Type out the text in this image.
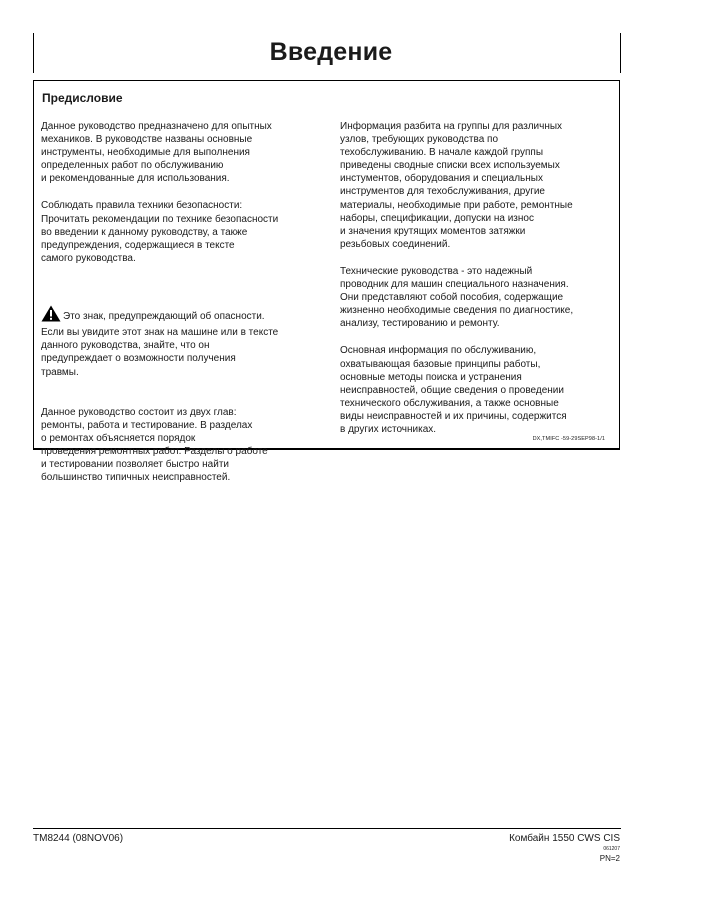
Введение
Предисловие

Данное руководство предназначено для опытных
механиков. В руководстве названы основные
инструменты, необходимые для выполнения
определенных работ по обслуживанию
и рекомендованные для использования.

Соблюдать правила техники безопасности:
Прочитать рекомендации по технике безопасности
во введении к данному руководству, а также
предупреждения, содержащиеся в тексте
самого руководства.

Это знак, предупреждающий об опасности.

Если вы увидите этот знак на машине или в тексте
данного руководства, знайте, что он
предупреждает о возможности получения
травмы.

Данное руководство состоит из двух глав:
ремонты, работа и тестирование. В разделах
о ремонтах объясняется порядок
проведения ремонтных работ. Разделы о работе
и тестировании позволяет быстро найти
большинство типичных неисправностей.

Информация разбита на группы для различных
узлов, требующих руководства по
техобслуживанию. В начале каждой группы
приведены сводные списки всех используемых
инстументов, оборудования и специальных
инструментов для техобслуживания, другие
материалы, необходимые при работе, ремонтные
наборы, спецификации, допуски на износ
и значения крутящих моментов затяжки
резьбовых соединений.

Технические руководства - это надежный
проводник для машин специального назначения.
Они представляют собой пособия, содержащие
жизненно необходимые сведения по диагностике,
анализу, тестированию и ремонту.

Основная информация по обслуживанию,
охватывающая базовые принципы работы,
основные методы поиска и устранения
неисправностей, общие сведения о проведении
технического обслуживания, а также основные
виды неисправностей и их причины, содержится
в других источниках.

DX,TMIFC -59-29SEP98-1/1
TM8244 (08NOV06)	Комбайн 1550 CWS CIS
061207
PN=2
